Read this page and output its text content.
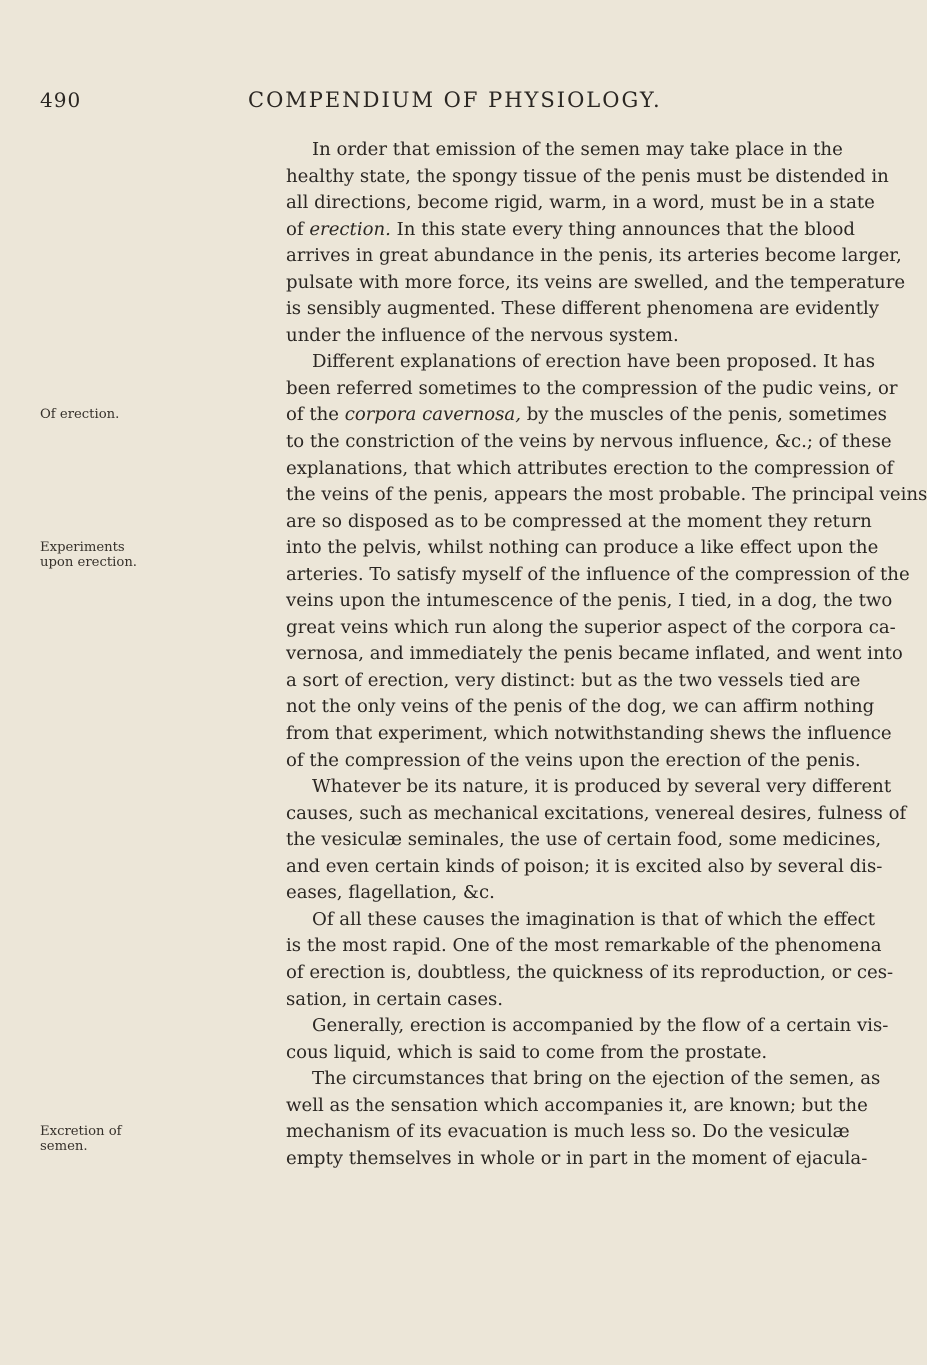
490	COMPENDIUM OF PHYSIOLOGY.
In order that emission of the semen may take place in the
healthy state, the spongy tissue of the penis must be distended in
all directions, become rigid, warm, in a word, must be in a state
of erection. In this state every thing announces that the blood
arrives in great abundance in the penis, its arteries become larger,
pulsate with more force, its veins are swelled, and the temperature
is sensibly augmented. These different phenomena are evidently
under the influence of the nervous system.
Different explanations of erection have been proposed. It has
been referred sometimes to the compression of the pudic veins, or
of the corpora cavernosa, by the muscles of the penis, sometimes
Of erection.
to the constriction of the veins by nervous influence, &c.; of these
explanations, that which attributes erection to the compression of
the veins of the penis, appears the most probable. The principal veins
are so disposed as to be compressed at the moment they return
into the pelvis, whilst nothing can produce a like effect upon the
Experiments
upon erection.
arteries. To satisfy myself of the influence of the compression of the
veins upon the intumescence of the penis, I tied, in a dog, the two
great veins which run along the superior aspect of the corpora ca-
vernosa, and immediately the penis became inflated, and went into
a sort of erection, very distinct: but as the two vessels tied are
not the only veins of the penis of the dog, we can affirm nothing
from that experiment, which notwithstanding shews the influence
of the compression of the veins upon the erection of the penis.
Whatever be its nature, it is produced by several very different
causes, such as mechanical excitations, venereal desires, fulness of
the vesiculæ seminales, the use of certain food, some medicines,
and even certain kinds of poison; it is excited also by several dis-
eases, flagellation, &c.
Of all these causes the imagination is that of which the effect
is the most rapid. One of the most remarkable of the phenomena
of erection is, doubtless, the quickness of its reproduction, or ces-
sation, in certain cases.
Generally, erection is accompanied by the flow of a certain vis-
cous liquid, which is said to come from the prostate.
The circumstances that bring on the ejection of the semen, as
well as the sensation which accompanies it, are known; but the
mechanism of its evacuation is much less so. Do the vesiculæ
Excretion of
semen.
empty themselves in whole or in part in the moment of ejacula-
